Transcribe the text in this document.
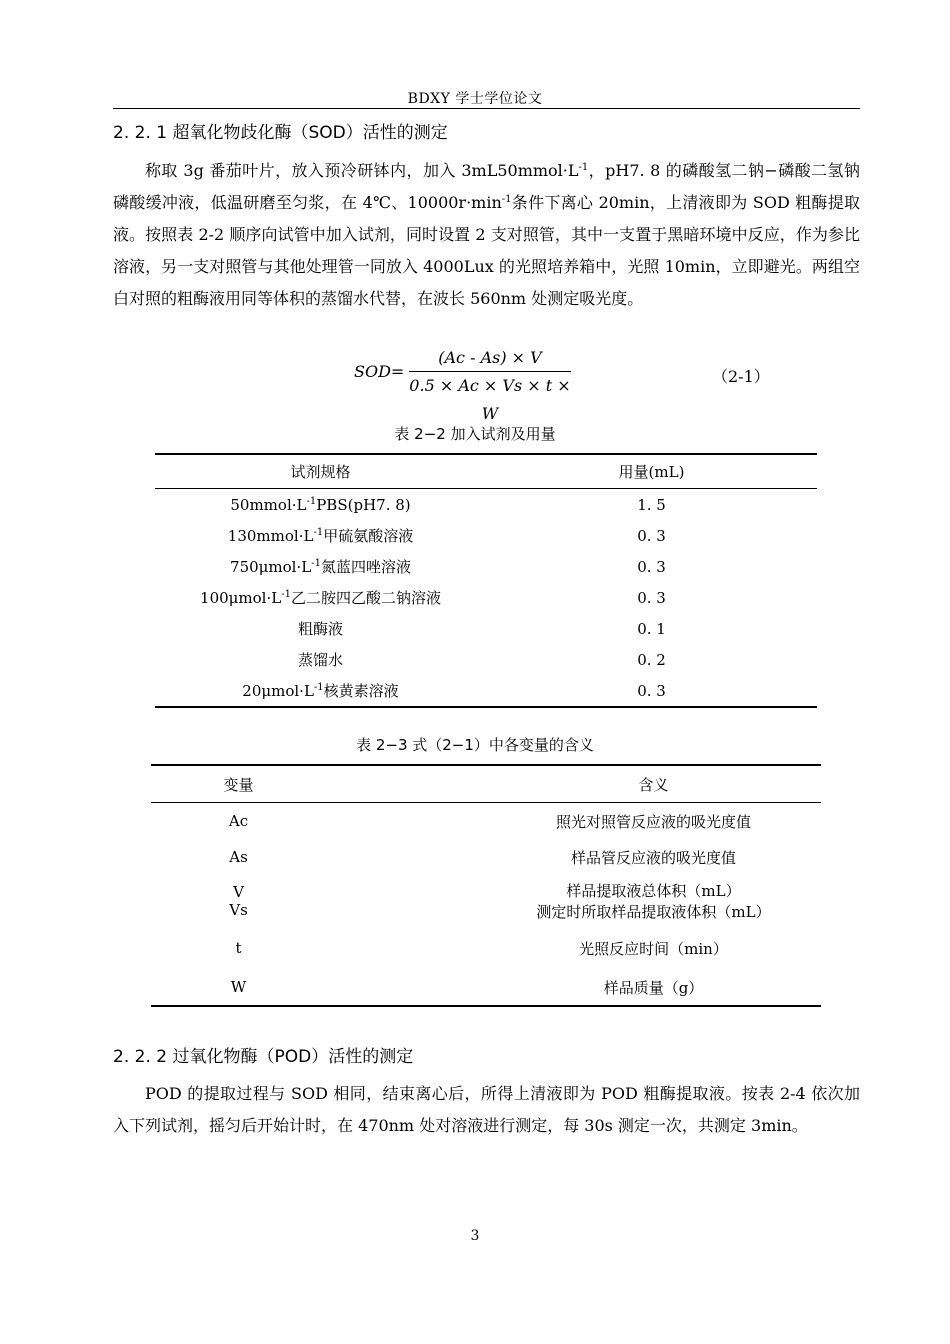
BDXY 学士学位论文
2. 2. 1 超氧化物歧化酶（SOD）活性的测定

称取 3g 番茄叶片，放入预冷研钵内，加入 $3mL50mmol\cdot L^{-1}$，pH7. 8 的磷酸氢二钠−磷酸二氢钠磷酸缓冲液，低温研磨至匀浆，在 4℃、$10000r\cdot\min^{-1}$条件下离心 20min，上清液即为 SOD 粗酶提取液。按照表 2-2 顺序向试管中加入试剂，同时设置 2 支对照管，其中一支置于黑暗环境中反应，作为参比溶液，另一支对照管与其他处理管一同放入 4000Lux 的光照培养箱中，光照 10min，立即避光。两组空白对照的粗酶液用同等体积的蒸馏水代替，在波长 560nm 处测定吸光度。

SOD=
(Ac - As) × V
0.5 × Ac × Vs × t × W
（2-1）
表 2−2 加入试剂及用量
试剂规格	用量(mL)
$50mmol\cdot L^{-1}PBS(pH7$. 8)	1. 5
$130mmol\cdot L^{-1}$甲硫氨酸溶液	0. 3
$750\mu mol\cdot L^{-1}$氮蓝四唑溶液	0. 3
$100\mu mol\cdot L^{-1}$乙二胺四乙酸二钠溶液	0. 3
粗酶液	0. 1
蒸馏水	0. 2
$20\mu mol\cdot L^{-1}$核黄素溶液	0. 3
表 2−3 式（2−1）中各变量的含义
变量	含义
Ac	照光对照管反应液的吸光度值
As	样品管反应液的吸光度值
V	样品提取液总体积（mL）
Vs	测定时所取样品提取液体积（mL）
t	光照反应时间（min）
W	样品质量（g）
2. 2. 2 过氧化物酶（POD）活性的测定

POD 的提取过程与 SOD 相同，结束离心后，所得上清液即为 POD 粗酶提取液。按表 2-4 依次加入下列试剂，摇匀后开始计时，在 470nm 处对溶液进行测定，每 30s 测定一次，共测定 3min。

3
